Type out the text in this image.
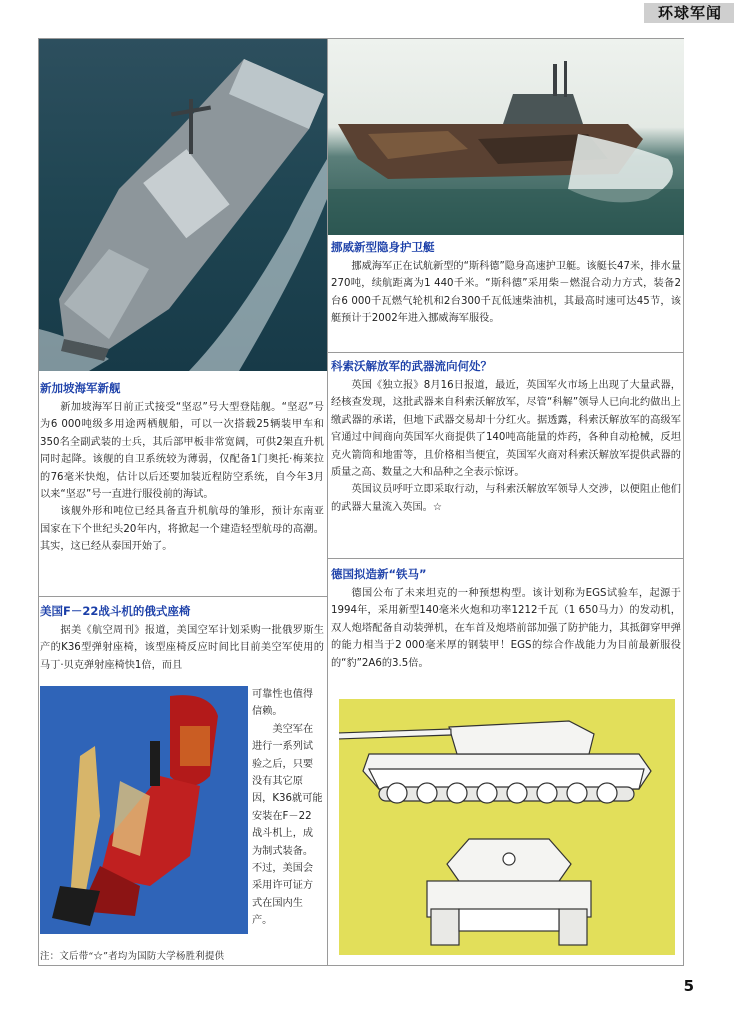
环球军闻
新加坡海军新舰

新加坡海军日前正式接受“坚忍”号大型登陆舰。“坚忍”号为6 000吨级多用途两栖舰船，可以一次搭载25辆装甲车和350名全副武装的士兵，其后部甲板非常宽阔，可供2架直升机同时起降。该舰的自卫系统较为薄弱，仅配备1门奥托·梅莱拉的76毫米快炮，估计以后还要加装近程防空系统，自今年3月以来“坚忍”号一直进行服役前的海试。

该舰外形和吨位已经具备直升机航母的雏形，预计东南亚国家在下个世纪头20年内，将掀起一个建造轻型航母的高潮。其实，这已经从泰国开始了。

美国F－22战斗机的俄式座椅

据美《航空周刊》报道，美国空军计划采购一批俄罗斯生产的K36型弹射座椅，该型座椅反应时间比目前美空军使用的马丁·贝克弹射座椅快1倍，而且

可靠性也值得
信赖。
美空军在
进行一系列试
验之后，只要
没有其它原
因，K36就可能
安装在F－22
战斗机上，成
为制式装备。
不过，美国会
采用许可证方
式在国内生
产。
挪威新型隐身护卫艇

挪威海军正在试航新型的“斯科德”隐身高速护卫艇。该艇长47米，排水量270吨，续航距离为1 440千米。“斯科德”采用柴－燃混合动力方式，装备2台6 000千瓦燃气轮机和2台300千瓦低速柴油机，其最高时速可达45节，该艇预计于2002年进入挪威海军服役。

科索沃解放军的武器流向何处？

英国《独立报》8月16日报道，最近，英国军火市场上出现了大量武器，经核查发现，这批武器来自科索沃解放军，尽管“科解”领导人已向北约做出上缴武器的承诺，但地下武器交易却十分红火。据透露，科索沃解放军的高级军官通过中间商向英国军火商提供了140吨高能量的炸药，各种自动枪械，反坦克火箭筒和地雷等，且价格相当便宜，英国军火商对科索沃解放军提供武器的质量之高、数量之大和品种之全表示惊讶。

英国议员呼吁立即采取行动，与科索沃解放军领导人交涉，以便阻止他们的武器大量流入英国。☆

德国拟造新“铁马”

德国公布了未来坦克的一种预想构型。该计划称为EGS试验车，起源于1994年，采用新型140毫米火炮和功率1212千瓦（1 650马力）的发动机，双人炮塔配备自动装弹机，在车首及炮塔前部加强了防护能力，其抵御穿甲弹的能力相当于2 000毫米厚的钢装甲！EGS的综合作战能力为目前最新服役的“豹”2A6的3.5倍。

注：文后带“☆”者均为国防大学杨胜利提供
5
